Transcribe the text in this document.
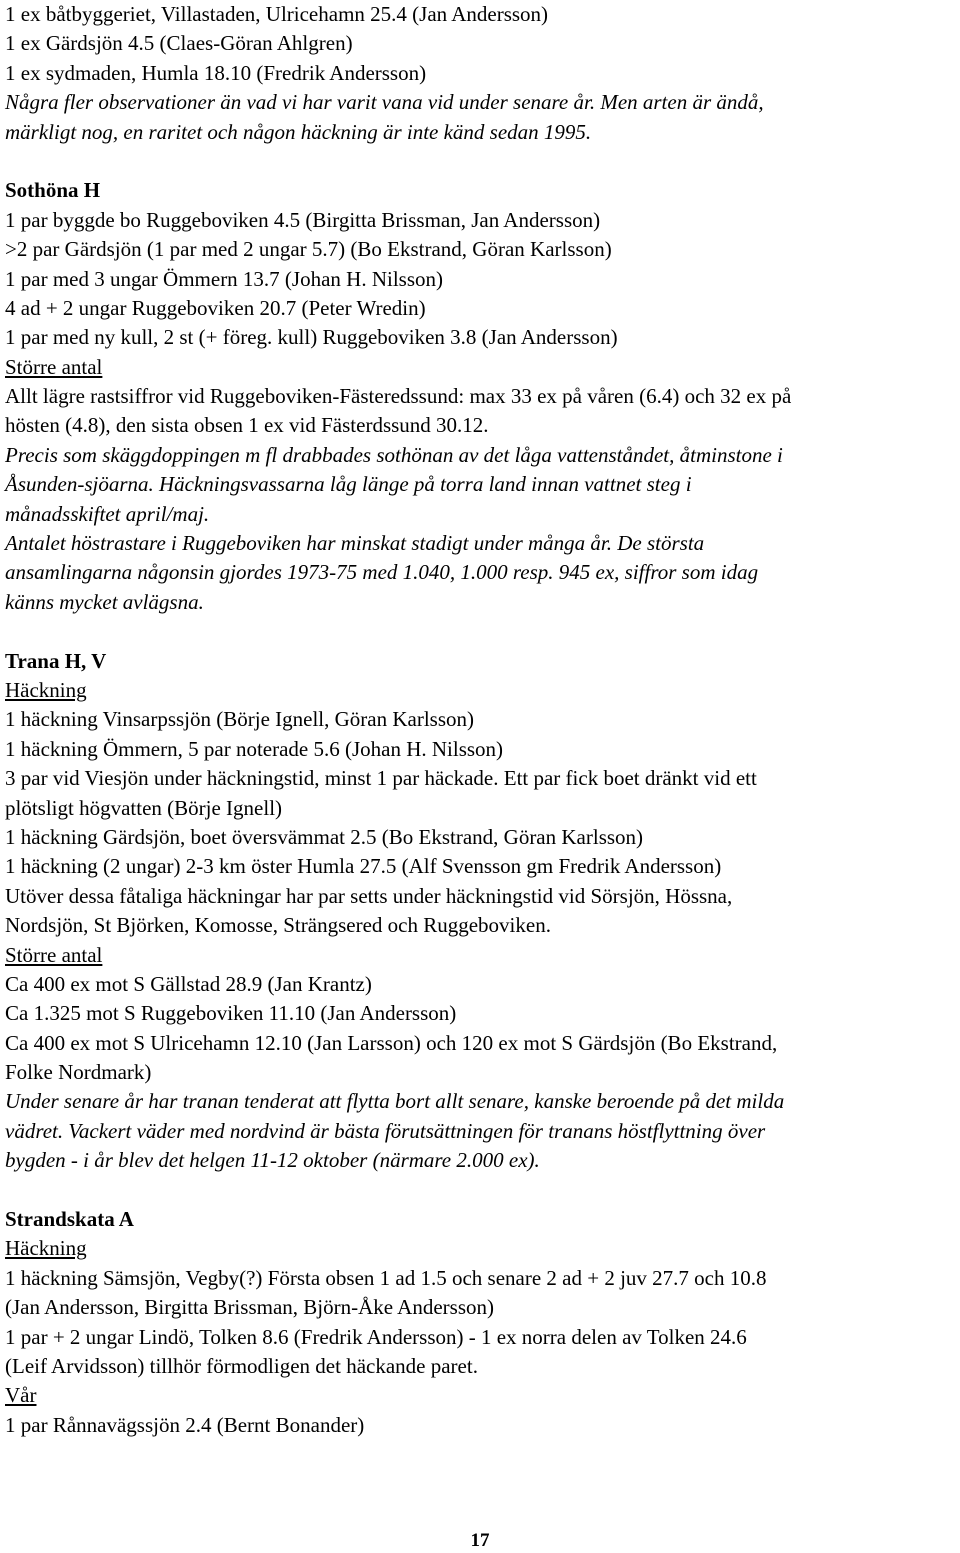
1 ex båtbyggeriet, Villastaden, Ulricehamn 25.4 (Jan Andersson)
1 ex Gärdsjön 4.5 (Claes-Göran Ahlgren)
1 ex sydmaden, Humla 18.10 (Fredrik Andersson)
Några fler observationer än vad vi har varit vana vid under senare år. Men arten är ändå,
märkligt nog, en raritet och någon häckning är inte känd sedan 1995.
Sothöna H
1 par byggde bo Ruggeboviken 4.5 (Birgitta Brissman, Jan Andersson)
>2 par Gärdsjön (1 par med 2 ungar 5.7) (Bo Ekstrand, Göran Karlsson)
1 par med 3 ungar Ömmern 13.7 (Johan H. Nilsson)
4 ad + 2 ungar Ruggeboviken 20.7 (Peter Wredin)
1 par med ny kull, 2 st (+ föreg. kull) Ruggeboviken 3.8 (Jan Andersson)
Större antal
Allt lägre rastsiffror vid Ruggeboviken-Fästeredssund: max 33 ex på våren (6.4) och 32 ex på
hösten (4.8), den sista obsen 1 ex vid Fästerdssund 30.12.
Precis som skäggdoppingen m fl drabbades sothönan av det låga vattenståndet, åtminstone i
Åsunden-sjöarna. Häckningsvassarna låg länge på torra land innan vattnet steg i
månadsskiftet april/maj.
Antalet höstrastare i Ruggeboviken har minskat stadigt under många år. De största
ansamlingarna någonsin gjordes 1973-75 med 1.040, 1.000 resp. 945 ex, siffror som idag
känns mycket avlägsna.
Trana H, V
Häckning
1 häckning Vinsarpssjön (Börje Ignell, Göran Karlsson)
1 häckning Ömmern, 5 par noterade 5.6 (Johan H. Nilsson)
3 par vid Viesjön under häckningstid, minst 1 par häckade. Ett par fick boet dränkt vid ett
plötsligt högvatten (Börje Ignell)
1 häckning Gärdsjön, boet översvämmat 2.5 (Bo Ekstrand, Göran Karlsson)
1 häckning (2 ungar) 2-3 km öster Humla 27.5 (Alf Svensson gm Fredrik Andersson)
Utöver dessa fåtaliga häckningar har par setts under häckningstid vid Sörsjön, Hössna,
Nordsjön, St Björken, Komosse, Strängsered och Ruggeboviken.
Större antal
Ca 400 ex mot S Gällstad 28.9 (Jan Krantz)
Ca 1.325 mot S Ruggeboviken 11.10 (Jan Andersson)
Ca 400 ex mot S Ulricehamn 12.10 (Jan Larsson) och 120 ex mot S Gärdsjön (Bo Ekstrand,
Folke Nordmark)
Under senare år har tranan tenderat att flytta bort allt senare, kanske beroende på det milda
vädret. Vackert väder med nordvind är bästa förutsättningen för tranans höstflyttning över
bygden - i år blev det helgen 11-12 oktober (närmare 2.000 ex).
Strandskata A
Häckning
1 häckning Sämsjön, Vegby(?) Första obsen 1 ad 1.5 och senare 2 ad + 2 juv 27.7 och 10.8
(Jan Andersson, Birgitta Brissman, Björn-Åke Andersson)
1 par + 2 ungar Lindö, Tolken 8.6 (Fredrik Andersson) - 1 ex norra delen av Tolken 24.6
(Leif Arvidsson) tillhör förmodligen det häckande paret.
Vår
1 par Rånnavägssjön 2.4 (Bernt Bonander)
17
